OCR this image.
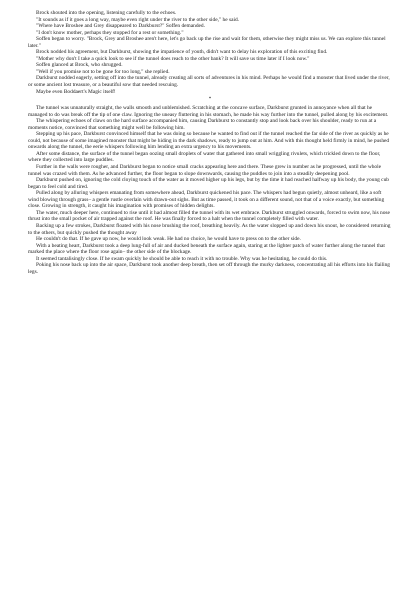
Brock shouted into the opening, listening carefully to the echoes.

"It sounds as if it goes a long way, maybe even right under the river to the other side," he said.

"Where have Broshee and Grey disappeared to Darkburst?" Soffen demanded.

"I don't know mother, perhaps they stopped for a rest or something."

Soffen began to worry. "Brock, Grey and Broshee aren't here, let's go back up the rise and wait for them, otherwise they might miss us. We can explore this tunnel later."

Brock nodded his agreement, but Darkburst, showing the impatience of youth, didn't want to delay his exploration of this exciting find.

"Mother why don't I take a quick look to see if the tunnel does reach to the other bank? It will save us time later if I look now."

Soffen glanced at Brock, who shrugged.

"Well if you promise not to be gone for too long," she replied.

Darkburst nodded eagerly, setting off into the tunnel, already creating all sorts of adventures in his mind. Perhaps he would find a monster that lived under the river, or some ancient lost treasure, or a beautiful sow that needed rescuing.

Maybe even Boddaert's Magic itself!

*

The tunnel was unnaturally straight, the walls smooth and unblemished. Scratching at the concave surface, Darkburst grunted in annoyance when all that he managed to do was break off the tip of one claw. Ignoring the uneasy fluttering in his stomach, he made his way further into the tunnel, pulled along by his excitement.

The whispering echoes of claws on the hard surface accompanied him, causing Darkburst to constantly stop and look back over his shoulder, ready to run at a moments notice, convinced that something might well be following him.

Stepping up his pace, Darkburst convinced himself that he was doing so because he wanted to find out if the tunnel reached the far side of the river as quickly as he could, not because of some imagined monster that might be hiding in the dark shadows, ready to jump out at him. And with this thought held firmly in mind, he pushed onwards along the tunnel, the eerie whispers following him lending an extra urgency to his movements.

After some distance, the surface of the tunnel began oozing small droplets of water that gathered into small wriggling rivulets, which trickled down to the floor, where they collected into large puddles.

Further in the walls were rougher, and Darkburst began to notice small cracks appearing here and there. These grew in number as he progressed, until the whole tunnel was crazed with them. As he advanced further, the floor began to slope downwards, causing the puddles to join into a steadily deepening pool.

Darkburst pushed on, ignoring the cold cloying touch of the water as it moved higher up his legs, but by the time it had reached halfway up his body, the young cub began to feel cold and tired.

Pulled along by alluring whispers emanating from somewhere ahead, Darkburst quickened his pace. The whispers had begun quietly, almost unheard, like a soft wind blowing through grass– a gentle rustle overlain with drawn-out sighs. But as time passed, it took on a different sound, not that of a voice exactly, but something close. Growing in strength, it caught his imagination with promises of hidden delights.

The water, much deeper here, continued to rise until it had almost filled the tunnel with its wet embrace. Darkburst struggled onwards, forced to swim now, his nose thrust into the small pocket of air trapped against the roof. He was finally forced to a halt when the tunnel completely filled with water.

Backing up a few strokes, Darkburst floated with his nose brushing the roof, breathing heavily. As the water slopped up and down his snout, he considered returning to the others, but quickly pushed the thought away

He couldn't do that. If he gave up now, he would look weak. He had no choice, he would have to press on to the other side.

With a beating heart, Darkburst took a deep lung-full of air and ducked beneath the surface again, staring at the lighter patch of water further along the tunnel that marked the place where the floor rose again– the other side of the blockage.

It seemed tantalisingly close. If he swam quickly he should be able to reach it with no trouble. Why was he hesitating, he could do this.

Poking his nose back up into the air space, Darkburst took another deep breath, then set off through the murky darkness, concentrating all his efforts into his flailing legs.
